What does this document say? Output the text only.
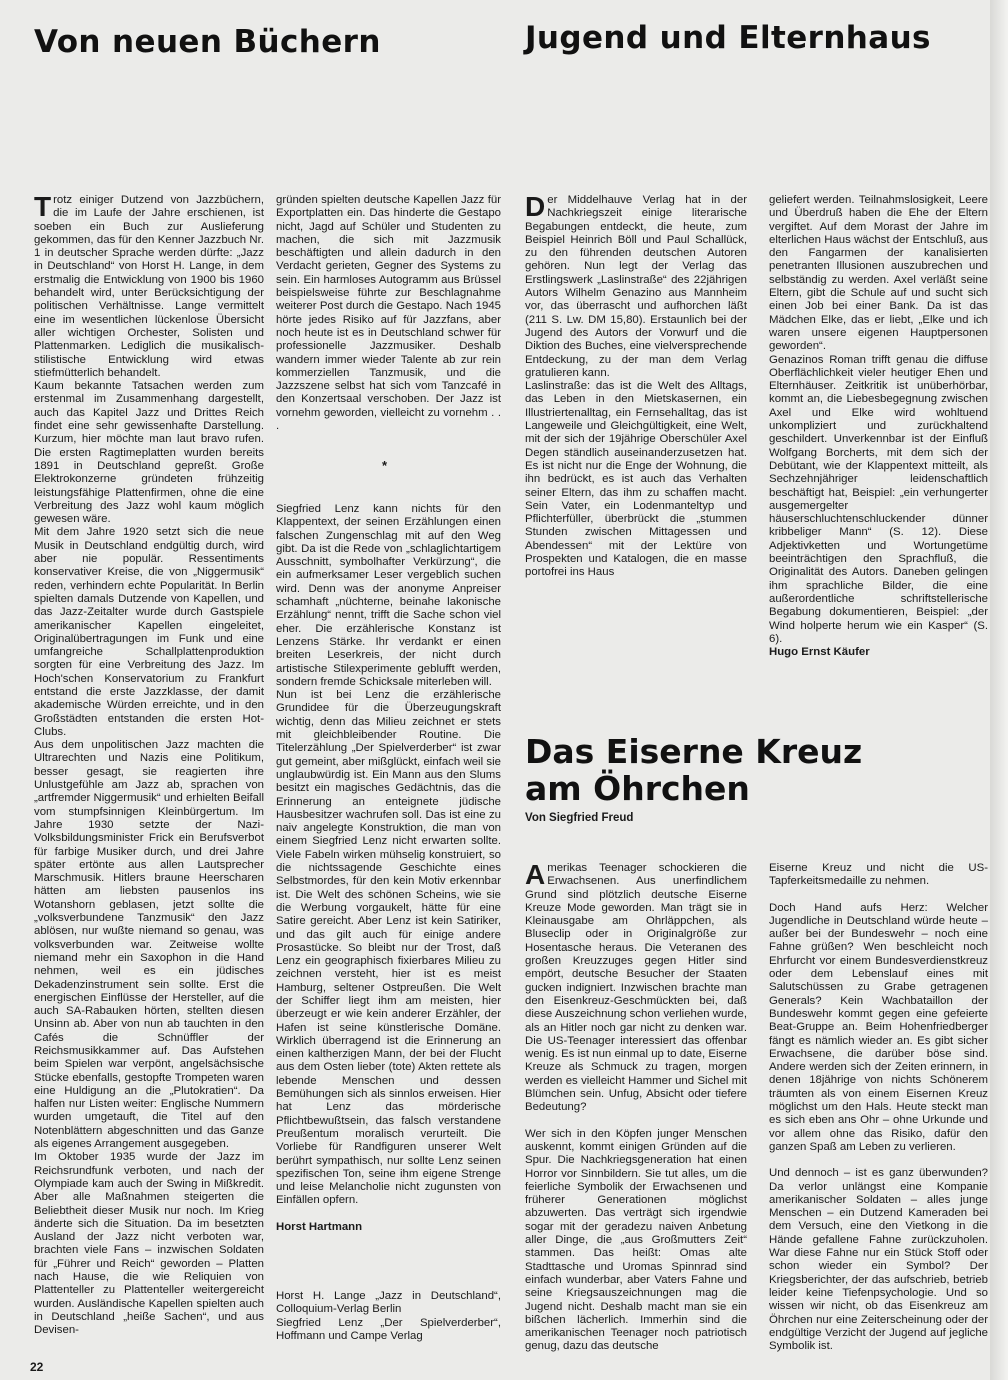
Von neuen Büchern	Jugend und Elternhaus

Trotz einiger Dutzend von Jazzbüchern, die im Laufe der Jahre erschienen, ist soeben ein Buch zur Auslieferung gekommen, das für den Kenner Jazzbuch Nr. 1 in deutscher Sprache werden dürfte: „Jazz in Deutschland“ von Horst H. Lange, in dem erstmalig die Entwicklung von 1900 bis 1960 behandelt wird, unter Berücksichtigung der politischen Verhältnisse. Lange vermittelt eine im wesentlichen lückenlose Übersicht aller wichtigen Orchester, Solisten und Plattenmarken. Lediglich die musikalisch-stilistische Entwicklung wird etwas stiefmütterlich behandelt.

Kaum bekannte Tatsachen werden zum erstenmal im Zusammenhang dargestellt, auch das Kapitel Jazz und Drittes Reich findet eine sehr gewissenhafte Darstellung. Kurzum, hier möchte man laut bravo rufen. Die ersten Ragtimeplatten wurden bereits 1891 in Deutschland gepreßt. Große Elektrokonzerne gründeten frühzeitig leistungsfähige Plattenfirmen, ohne die eine Verbreitung des Jazz wohl kaum möglich gewesen wäre.

Mit dem Jahre 1920 setzt sich die neue Musik in Deutschland endgültig durch, wird aber nie populär. Ressentiments konservativer Kreise, die von „Niggermusik“ reden, verhindern echte Popularität. In Berlin spielten damals Dutzende von Kapellen, und das Jazz-Zeitalter wurde durch Gastspiele amerikanischer Kapellen eingeleitet, Originalübertragungen im Funk und eine umfangreiche Schallplattenproduktion sorgten für eine Verbreitung des Jazz. Im Hoch'schen Konservatorium zu Frankfurt entstand die erste Jazzklasse, der damit akademische Würden erreichte, und in den Großstädten entstanden die ersten Hot-Clubs.

Aus dem unpolitischen Jazz machten die Ultrarechten und Nazis eine Politikum, besser gesagt, sie reagierten ihre Unlustgefühle am Jazz ab, sprachen von „artfremder Niggermusik“ und erhielten Beifall vom stumpfsinnigen Kleinbürgertum. Im Jahre 1930 setzte der Nazi-Volksbildungsminister Frick ein Berufsverbot für farbige Musiker durch, und drei Jahre später ertönte aus allen Lautsprecher Marschmusik. Hitlers braune Heerscharen hätten am liebsten pausenlos ins Wotanshorn geblasen, jetzt sollte die „volksverbundene Tanzmusik“ den Jazz ablösen, nur wußte niemand so genau, was volksverbunden war. Zeitweise wollte niemand mehr ein Saxophon in die Hand nehmen, weil es ein jüdisches Dekadenzinstrument sein sollte. Erst die energischen Einflüsse der Hersteller, auf die auch SA-Rabauken hörten, stellten diesen Unsinn ab. Aber von nun ab tauchten in den Cafés die Schnüffler der Reichsmusikkammer auf. Das Aufstehen beim Spielen war verpönt, angelsächsische Stücke ebenfalls, gestopfte Trompeten waren eine Huldigung an die „Plutokratien“. Da halfen nur Listen weiter: Englische Nummern wurden umgetauft, die Titel auf den Notenblättern abgeschnitten und das Ganze als eigenes Arrangement ausgegeben.

Im Oktober 1935 wurde der Jazz im Reichsrundfunk verboten, und nach der Olympiade kam auch der Swing in Mißkredit. Aber alle Maßnahmen steigerten die Beliebtheit dieser Musik nur noch. Im Krieg änderte sich die Situation. Da im besetzten Ausland der Jazz nicht verboten war, brachten viele Fans – inzwischen Soldaten für „Führer und Reich“ geworden – Platten nach Hause, die wie Reliquien von Plattenteller zu Plattenteller weitergereicht wurden. Ausländische Kapellen spielten auch in Deutschland „heiße Sachen“, und aus Devisen-

gründen spielten deutsche Kapellen Jazz für Exportplatten ein. Das hinderte die Gestapo nicht, Jagd auf Schüler und Studenten zu machen, die sich mit Jazzmusik beschäftigten und allein dadurch in den Verdacht gerieten, Gegner des Systems zu sein. Ein harmloses Autogramm aus Brüssel beispielsweise führte zur Beschlagnahme weiterer Post durch die Gestapo. Nach 1945 hörte jedes Risiko auf für Jazzfans, aber noch heute ist es in Deutschland schwer für professionelle Jazzmusiker. Deshalb wandern immer wieder Talente ab zur rein kommerziellen Tanzmusik, und die Jazzszene selbst hat sich vom Tanzcafé in den Konzertsaal verschoben. Der Jazz ist vornehm geworden, vielleicht zu vornehm . . .

*

Siegfried Lenz kann nichts für den Klappentext, der seinen Erzählungen einen falschen Zungenschlag mit auf den Weg gibt. Da ist die Rede von „schlaglichtartigem Ausschnitt, symbolhafter Verkürzung“, die ein aufmerksamer Leser vergeblich suchen wird. Denn was der anonyme Anpreiser schamhaft „nüchterne, beinahe lakonische Erzählung“ nennt, trifft die Sache schon viel eher. Die erzählerische Konstanz ist Lenzens Stärke. Ihr verdankt er einen breiten Leserkreis, der nicht durch artistische Stilexperimente geblufft werden, sondern fremde Schicksale miterleben will.

Nun ist bei Lenz die erzählerische Grundidee für die Überzeugungskraft wichtig, denn das Milieu zeichnet er stets mit gleichbleibender Routine. Die Titelerzählung „Der Spielverderber“ ist zwar gut gemeint, aber mißglückt, einfach weil sie unglaubwürdig ist. Ein Mann aus den Slums besitzt ein magisches Gedächtnis, das die Erinnerung an enteignete jüdische Hausbesitzer wachrufen soll. Das ist eine zu naiv angelegte Konstruktion, die man von einem Siegfried Lenz nicht erwarten sollte. Viele Fabeln wirken mühselig konstruiert, so die nichtssagende Geschichte eines Selbstmordes, für den kein Motiv erkennbar ist. Die Welt des schönen Scheins, wie sie die Werbung vorgaukelt, hätte für eine Satire gereicht. Aber Lenz ist kein Satiriker, und das gilt auch für einige andere Prosastücke. So bleibt nur der Trost, daß Lenz ein geographisch fixierbares Milieu zu zeichnen versteht, hier ist es meist Hamburg, seltener Ostpreußen. Die Welt der Schiffer liegt ihm am meisten, hier überzeugt er wie kein anderer Erzähler, der Hafen ist seine künstlerische Domäne. Wirklich überragend ist die Erinnerung an einen kaltherzigen Mann, der bei der Flucht aus dem Osten lieber (tote) Akten rettete als lebende Menschen und dessen Bemühungen sich als sinnlos erweisen. Hier hat Lenz das mörderische Pflichtbewußtsein, das falsch verstandene Preußentum moralisch verurteilt. Die Vorliebe für Randfiguren unserer Welt berührt sympathisch, nur sollte Lenz seinen spezifischen Ton, seine ihm eigene Strenge und leise Melancholie nicht zugunsten von Einfällen opfern.

Horst Hartmann

Horst H. Lange „Jazz in Deutschland“, Colloquium-Verlag Berlin

Siegfried Lenz „Der Spielverderber“, Hoffmann und Campe Verlag

Der Middelhauve Verlag hat in der Nachkriegszeit einige literarische Begabungen entdeckt, die heute, zum Beispiel Heinrich Böll und Paul Schallück, zu den führenden deutschen Autoren gehören. Nun legt der Verlag das Erstlingswerk „Laslinstraße“ des 22jährigen Autors Wilhelm Genazino aus Mannheim vor, das überrascht und aufhorchen läßt (211 S. Lw. DM 15,80). Erstaunlich bei der Jugend des Autors der Vorwurf und die Diktion des Buches, eine vielversprechende Entdeckung, zu der man dem Verlag gratulieren kann.

Laslinstraße: das ist die Welt des Alltags, das Leben in den Mietskasernen, ein Illustriertenalltag, ein Fernsehalltag, das ist Langeweile und Gleichgültigkeit, eine Welt, mit der sich der 19jährige Oberschüler Axel Degen ständlich auseinanderzusetzen hat. Es ist nicht nur die Enge der Wohnung, die ihn bedrückt, es ist auch das Verhalten seiner Eltern, das ihm zu schaffen macht. Sein Vater, ein Lodenmanteltyp und Pflichterfüller, überbrückt die „stummen Stunden zwischen Mittagessen und Abendessen“ mit der Lektüre von Prospekten und Katalogen, die en masse portofrei ins Haus

geliefert werden. Teilnahmslosigkeit, Leere und Überdruß haben die Ehe der Eltern vergiftet. Auf dem Morast der Jahre im elterlichen Haus wächst der Entschluß, aus den Fangarmen der kanalisierten penetranten Illusionen auszubrechen und selbständig zu werden. Axel verläßt seine Eltern, gibt die Schule auf und sucht sich einen Job bei einer Bank. Da ist das Mädchen Elke, das er liebt, „Elke und ich waren unsere eigenen Hauptpersonen geworden“.

Genazinos Roman trifft genau die diffuse Oberflächlichkeit vieler heutiger Ehen und Elternhäuser. Zeitkritik ist unüberhörbar, kommt an, die Liebesbegegnung zwischen Axel und Elke wird wohltuend unkompliziert und zurückhaltend geschildert. Unverkennbar ist der Einfluß Wolfgang Borcherts, mit dem sich der Debütant, wie der Klappentext mitteilt, als Sechzehnjähriger leidenschaftlich beschäftigt hat, Beispiel: „ein verhungerter ausgemergelter häuserschluchtenschluckender dünner kribbeliger Mann“ (S. 12). Diese Adjektivketten und Wortungetüme beeinträchtigen den Sprachfluß, die Originalität des Autors. Daneben gelingen ihm sprachliche Bilder, die eine außerordentliche schriftstellerische Begabung dokumentieren, Beispiel: „der Wind holperte herum wie ein Kasper“ (S. 6).

Hugo Ernst Käufer

Das Eiserne Kreuz
am Öhrchen
Von Siegfried Freud

Amerikas Teenager schockieren die Erwachsenen. Aus unerfindlichem Grund sind plötzlich deutsche Eiserne Kreuze Mode geworden. Man trägt sie in Kleinausgabe am Ohrläppchen, als Bluseclip oder in Originalgröße zur Hosentasche heraus. Die Veteranen des großen Kreuzzuges gegen Hitler sind empört, deutsche Besucher der Staaten gucken indigniert. Inzwischen brachte man den Eisenkreuz-Geschmückten bei, daß diese Auszeichnung schon verliehen wurde, als an Hitler noch gar nicht zu denken war. Die US-Teenager interessiert das offenbar wenig. Es ist nun einmal up to date, Eiserne Kreuze als Schmuck zu tragen, morgen werden es vielleicht Hammer und Sichel mit Blümchen sein. Unfug, Absicht oder tiefere Bedeutung?

Wer sich in den Köpfen junger Menschen auskennt, kommt einigen Gründen auf die Spur. Die Nachkriegsgeneration hat einen Horror vor Sinnbildern. Sie tut alles, um die feierliche Symbolik der Erwachsenen und früherer Generationen möglichst abzuwerten. Das verträgt sich irgendwie sogar mit der geradezu naiven Anbetung aller Dinge, die „aus Großmutters Zeit“ stammen. Das heißt: Omas alte Stadttasche und Uromas Spinnrad sind einfach wunderbar, aber Vaters Fahne und seine Kriegsauszeichnungen mag die Jugend nicht. Deshalb macht man sie ein bißchen lächerlich. Immerhin sind die amerikanischen Teenager noch patriotisch genug, dazu das deutsche

Eiserne Kreuz und nicht die US-Tapferkeitsmedaille zu nehmen.

Doch Hand aufs Herz: Welcher Jugendliche in Deutschland würde heute – außer bei der Bundeswehr – noch eine Fahne grüßen? Wen beschleicht noch Ehrfurcht vor einem Bundesverdienstkreuz oder dem Lebenslauf eines mit Salutschüssen zu Grabe getragenen Generals? Kein Wachbataillon der Bundeswehr kommt gegen eine gefeierte Beat-Gruppe an. Beim Hohenfriedberger fängt es nämlich wieder an. Es gibt sicher Erwachsene, die darüber böse sind. Andere werden sich der Zeiten erinnern, in denen 18jährige von nichts Schönerem träumten als von einem Eisernen Kreuz möglichst um den Hals. Heute steckt man es sich eben ans Ohr – ohne Urkunde und vor allem ohne das Risiko, dafür den ganzen Spaß am Leben zu verlieren.

Und dennoch – ist es ganz überwunden? Da verlor unlängst eine Kompanie amerikanischer Soldaten – alles junge Menschen – ein Dutzend Kameraden bei dem Versuch, eine den Vietkong in die Hände gefallene Fahne zurückzuholen. War diese Fahne nur ein Stück Stoff oder schon wieder ein Symbol? Der Kriegsberichter, der das aufschrieb, betrieb leider keine Tiefenpsychologie. Und so wissen wir nicht, ob das Eisenkreuz am Öhrchen nur eine Zeiterscheinung oder der endgültige Verzicht der Jugend auf jegliche Symbolik ist.

22
